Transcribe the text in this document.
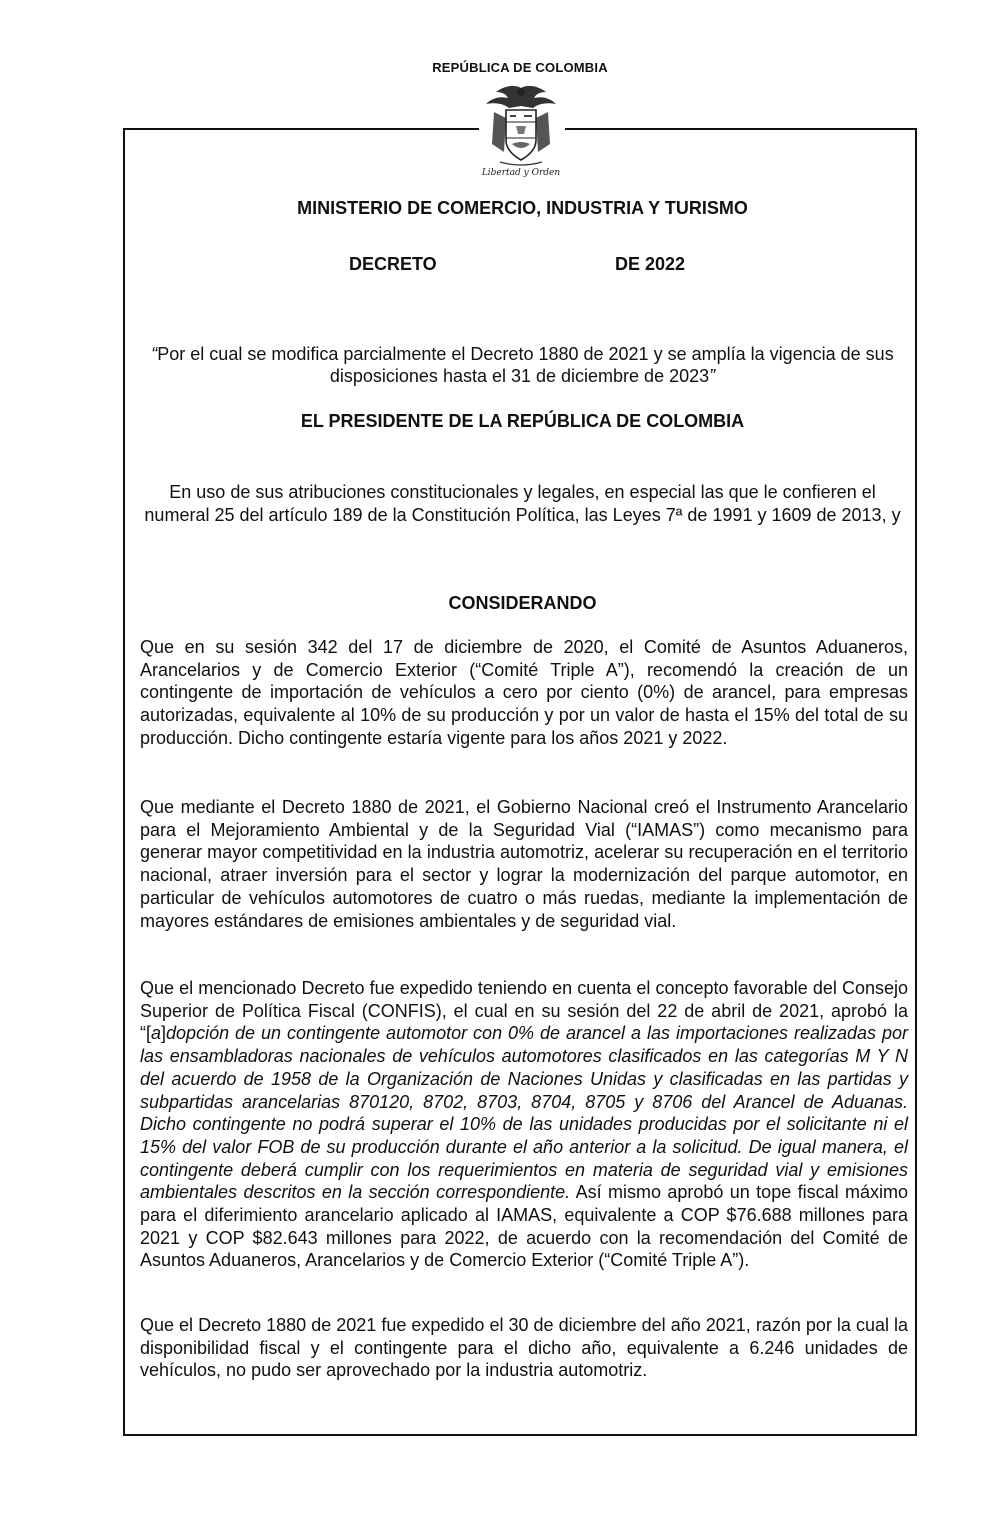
REPÚBLICA DE COLOMBIA
Libertad y Orden
MINISTERIO DE COMERCIO, INDUSTRIA Y TURISMO
DECRETO	DE 2022
“Por el cual se modifica parcialmente el Decreto 1880 de 2021 y se amplía la vigencia de sus disposiciones hasta el 31 de diciembre de 2023”
EL PRESIDENTE DE LA REPÚBLICA DE COLOMBIA
En uso de sus atribuciones constitucionales y legales, en especial las que le confieren el numeral 25 del artículo 189 de la Constitución Política, las Leyes 7ª de 1991 y 1609 de 2013, y
CONSIDERANDO
Que en su sesión 342 del 17 de diciembre de 2020, el Comité de Asuntos Aduaneros, Arancelarios y de Comercio Exterior (“Comité Triple A”), recomendó la creación de un contingente de importación de vehículos a cero por ciento (0%) de arancel, para empresas autorizadas, equivalente al 10% de su producción y por un valor de hasta el 15% del total de su producción. Dicho contingente estaría vigente para los años 2021 y 2022.
Que mediante el Decreto 1880 de 2021, el Gobierno Nacional creó el Instrumento Arancelario para el Mejoramiento Ambiental y de la Seguridad Vial (“IAMAS”) como mecanismo para generar mayor competitividad en la industria automotriz, acelerar su recuperación en el territorio nacional, atraer inversión para el sector y lograr la modernización del parque automotor, en particular de vehículos automotores de cuatro o más ruedas, mediante la implementación de mayores estándares de emisiones ambientales y de seguridad vial.
Que el mencionado Decreto fue expedido teniendo en cuenta el concepto favorable del Consejo Superior de Política Fiscal (CONFIS), el cual en su sesión del 22 de abril de 2021, aprobó la “[a]dopción de un contingente automotor con 0% de arancel a las importaciones realizadas por las ensambladoras nacionales de vehículos automotores clasificados en las categorías M Y N del acuerdo de 1958 de la Organización de Naciones Unidas y clasificadas en las partidas y subpartidas arancelarias 870120, 8702, 8703, 8704, 8705 y 8706 del Arancel de Aduanas. Dicho contingente no podrá superar el 10% de las unidades producidas por el solicitante ni el 15% del valor FOB de su producción durante el año anterior a la solicitud. De igual manera, el contingente deberá cumplir con los requerimientos en materia de seguridad vial y emisiones ambientales descritos en la sección correspondiente. Así mismo aprobó un tope fiscal máximo para el diferimiento arancelario aplicado al IAMAS, equivalente a COP $76.688 millones para 2021 y COP $82.643 millones para 2022, de acuerdo con la recomendación del Comité de Asuntos Aduaneros, Arancelarios y de Comercio Exterior (“Comité Triple A”).
Que el Decreto 1880 de 2021 fue expedido el 30 de diciembre del año 2021, razón por la cual la disponibilidad fiscal y el contingente para el dicho año, equivalente a 6.246 unidades de vehículos, no pudo ser aprovechado por la industria automotriz.
